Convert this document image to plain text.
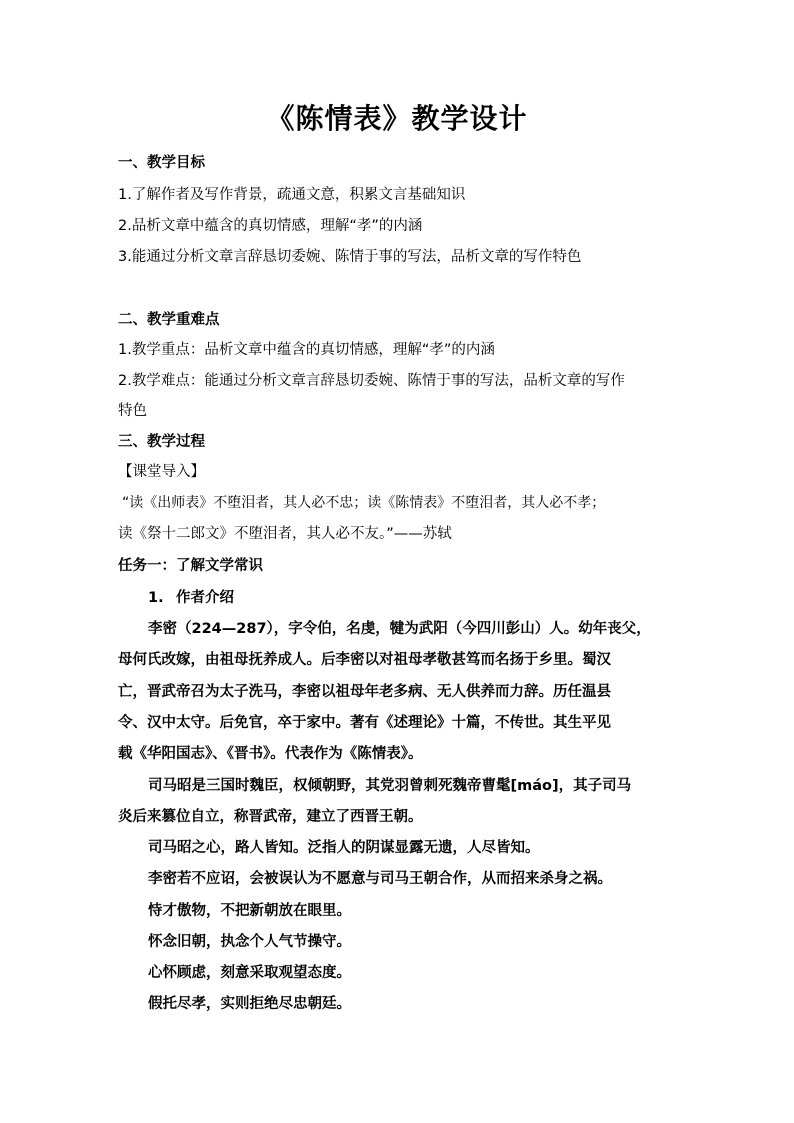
《陈情表》教学设计
一、教学目标
1.了解作者及写作背景，疏通文意，积累文言基础知识
2.品析文章中蕴含的真切情感，理解“孝”的内涵
3.能通过分析文章言辞恳切委婉、陈情于事的写法，品析文章的写作特色
二、教学重难点
1.教学重点：品析文章中蕴含的真切情感，理解“孝”的内涵
2.教学难点：能通过分析文章言辞恳切委婉、陈情于事的写法，品析文章的写作
特色
三、教学过程
【课堂导入】
“读《出师表》不堕泪者，其人必不忠；读《陈情表》不堕泪者，其人必不孝；
读《祭十二郎文》不堕泪者，其人必不友。”——苏轼
任务一：了解文学常识
1. 作者介绍
李密（224—287），字令伯，名虔，犍为武阳（今四川彭山）人。幼年丧父，
母何氏改嫁，由祖母抚养成人。后李密以对祖母孝敬甚笃而名扬于乡里。蜀汉
亡，晋武帝召为太子洗马，李密以祖母年老多病、无人供养而力辞。历任温县
令、汉中太守。后免官，卒于家中。著有《述理论》十篇，不传世。其生平见
载《华阳国志》、《晋书》。代表作为《陈情表》。
司马昭是三国时魏臣，权倾朝野，其党羽曾刺死魏帝曹髦[máo]，其子司马
炎后来篡位自立，称晋武帝，建立了西晋王朝。
司马昭之心，路人皆知。泛指人的阴谋显露无遗，人尽皆知。
李密若不应诏，会被误认为不愿意与司马王朝合作，从而招来杀身之祸。
恃才傲物，不把新朝放在眼里。
怀念旧朝，执念个人气节操守。
心怀顾虑，刻意采取观望态度。
假托尽孝，实则拒绝尽忠朝廷。
